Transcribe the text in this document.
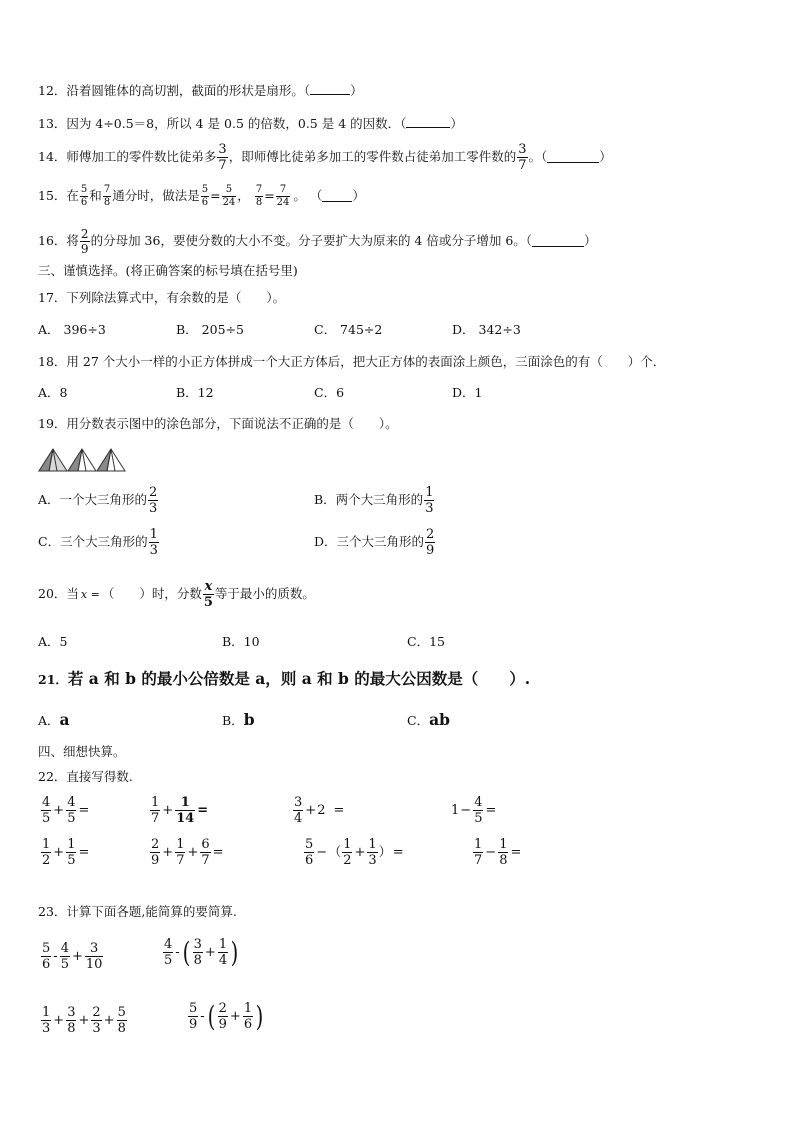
12．沿着圆锥体的高切割，截面的形状是扇形。（	）
13．因为 4÷0.5＝8，所以 4 是 0.5 的倍数，0.5 是 4 的因数．（	）
14． 师傅加工的零件数比徒弟多 $\frac{3}{7}$ ，即师傅比徒弟多加工的零件数占徒弟加工零件数的 $\frac{3}{7}$ 。（	）
15． 在 $\frac{5}{6}$ 和 $\frac{7}{8}$ 通分时，做法是 $\frac{5}{6} = \frac{5}{24}$ ， $\frac{7}{8} = \frac{7}{24}$ 。 （ ）
16． 将 $\frac{2}{9}$ 的分母加 36，要使分数的大小不变。分子要扩大为原来的 4 倍或分子增加 6。（	）
三、谨慎选择。(将正确答案的标号填在括号里)
17．下列除法算式中，有余数的是（　　）。
A． 396÷3	B． 205÷5	C． 745÷2	D． 342÷3
18．用 27 个大小一样的小正方体拼成一个大正方体后，把大正方体的表面涂上颜色，三面涂色的有（　　）个．
A．8	B．12	C．6	D．1
19．用分数表示图中的涂色部分，下面说法不正确的是（　　）。
A．一个大三角形的 $\frac{2}{3}$	B．两个大三角形的 $\frac{1}{3}$
C．三个大三角形的 $\frac{1}{3}$	D．三个大三角形的 $\frac{2}{9}$
20． 当 x = （　　）时，分数 $\frac{x}{5}$ 等于最小的质数。
A．5	B．10	C．15
21．若 a 和 b 的最小公倍数是 a，则 a 和 b 的最大公因数是（　　）.
A．a	B．b	C．ab
四、细想快算。
22．直接写得数.
$\frac{4}{5} + \frac{4}{5}$ =	$\frac{1}{7} + \frac{1}{14}$ =	$\frac{3}{4} + 2$ =	$1 - \frac{4}{5}$ =
$\frac{1}{2} + \frac{1}{5}$ =	$\frac{2}{9} + \frac{1}{7} + \frac{6}{7}$ =	$\frac{5}{6}$ − （ $\frac{1}{2} + \frac{1}{3}$ ） =	$\frac{1}{7} - \frac{1}{8}$ =
23．计算下面各题,能简算的要简算.
$\frac{5}{6} - \frac{4}{5} + \frac{3}{10}$	$\frac{4}{5}$ - ( $\frac{3}{8} + \frac{1}{4}$ )
$\frac{1}{3} + \frac{3}{8} + \frac{2}{3} + \frac{5}{8}$	$\frac{5}{9}$ - ( $\frac{2}{9} + \frac{1}{6}$ )
